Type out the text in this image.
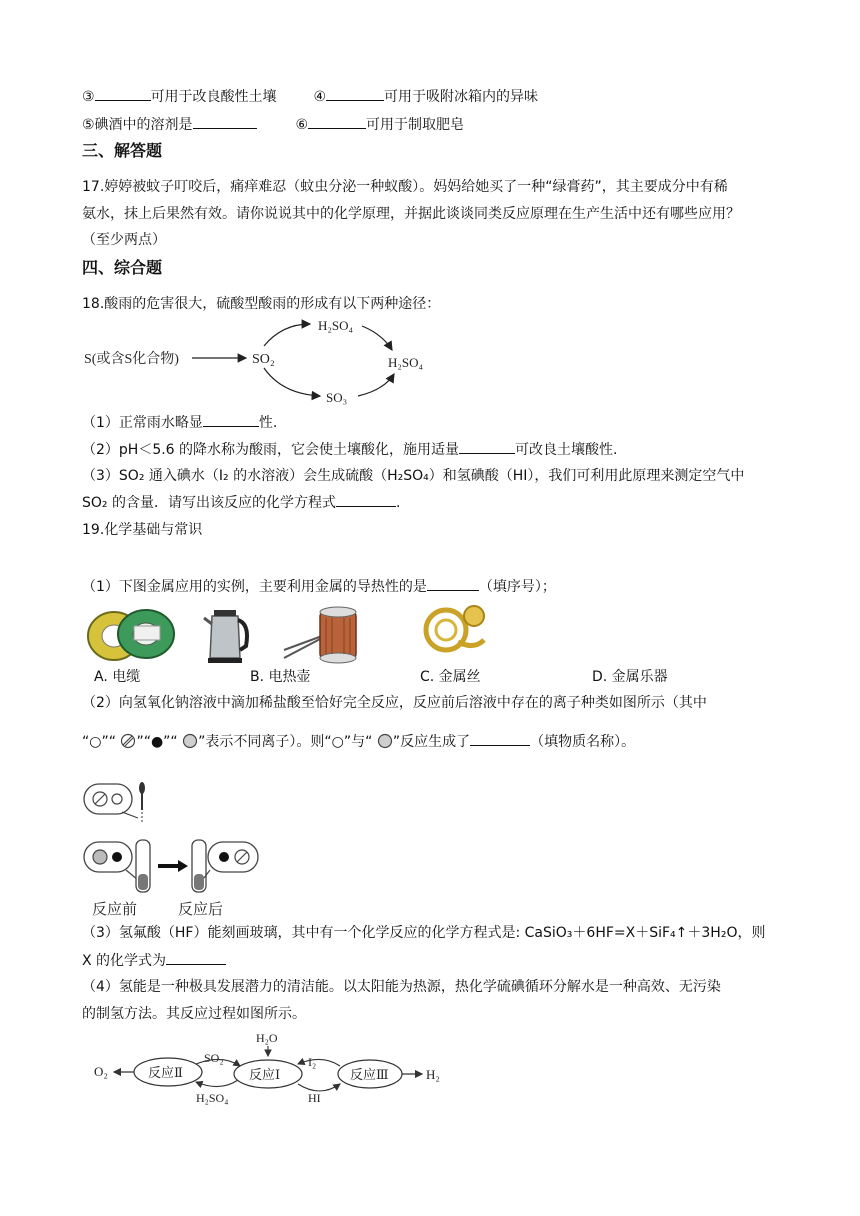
③	可用于改良酸性土壤	④	可用于吸附冰箱内的异味
⑤碘酒中的溶剂是	⑥	可用于制取肥皂
三、解答题
17.婷婷被蚊子叮咬后，痛痒难忍（蚊虫分泌一种蚁酸）。妈妈给她买了一种“绿膏药”，其主要成分中有稀
氨水，抹上后果然有效。请你说说其中的化学原理，并据此谈谈同类反应原理在生产生活中还有哪些应用？
（至少两点）
四、综合题
18.酸雨的危害很大，硫酸型酸雨的形成有以下两种途径：
S(或含S化合物)	SO₂
H₂SO₄
H₂SO₄
SO₃
（1）正常雨水略显	性.
（2）pH＜5.6 的降水称为酸雨，它会使土壤酸化，施用适量	可改良土壤酸性.
（3）SO₂ 通入碘水（I₂ 的水溶液）会生成硫酸（H₂SO₄）和氢碘酸（HI），我们可利用此原理来测定空气中
SO₂ 的含量．请写出该反应的化学方程式	.
19.化学基础与常识
（1）下图金属应用的实例，主要利用金属的导热性的是	（填序号）；
A. 电缆	B. 电热壶	C. 金属丝	D. 金属乐器
（2）向氢氧化钠溶液中滴加稀盐酸至恰好完全反应，反应前后溶液中存在的离子种类如图所示（其中
“○”“ ”“●”“ ”表示不同离子）。则“○”与“ ”反应生成了	（填物质名称）。
反应前	反应后
（3）氢氟酸（HF）能刻画玻璃，其中有一个化学反应的化学方程式是: CaSiO₃＋6HF=X＋SiF₄↑＋3H₂O，则
X 的化学式为
（4）氢能是一种极具发展潜力的清洁能。以太阳能为热源，热化学硫碘循环分解水是一种高效、无污染
的制氢方法。其反应过程如图所示。
O₂	反应Ⅱ
SO₂
H₂SO₄
H₂O
反应Ⅰ
I₂
HI
反应Ⅲ	H₂
